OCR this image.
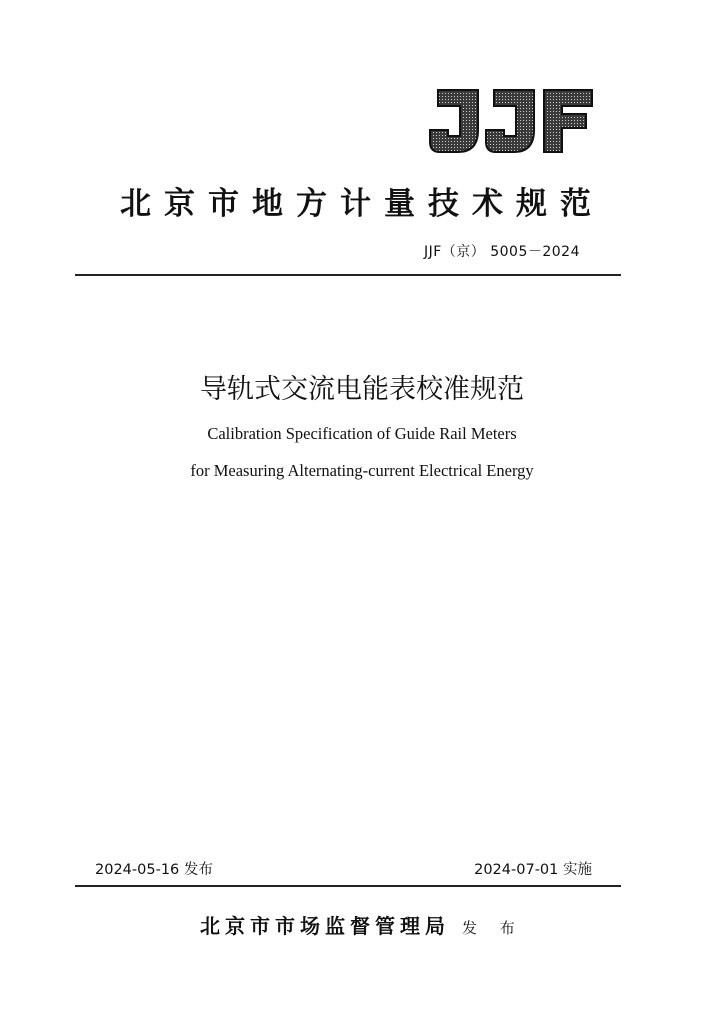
北京市地方计量技术规范
JJF（京） 5005－2024
导轨式交流电能表校准规范
Calibration Specification of Guide Rail Meters
for Measuring Alternating-current Electrical Energy
2024-05-16 发布	2024-07-01 实施
北京市市场监督管理局 发 布
